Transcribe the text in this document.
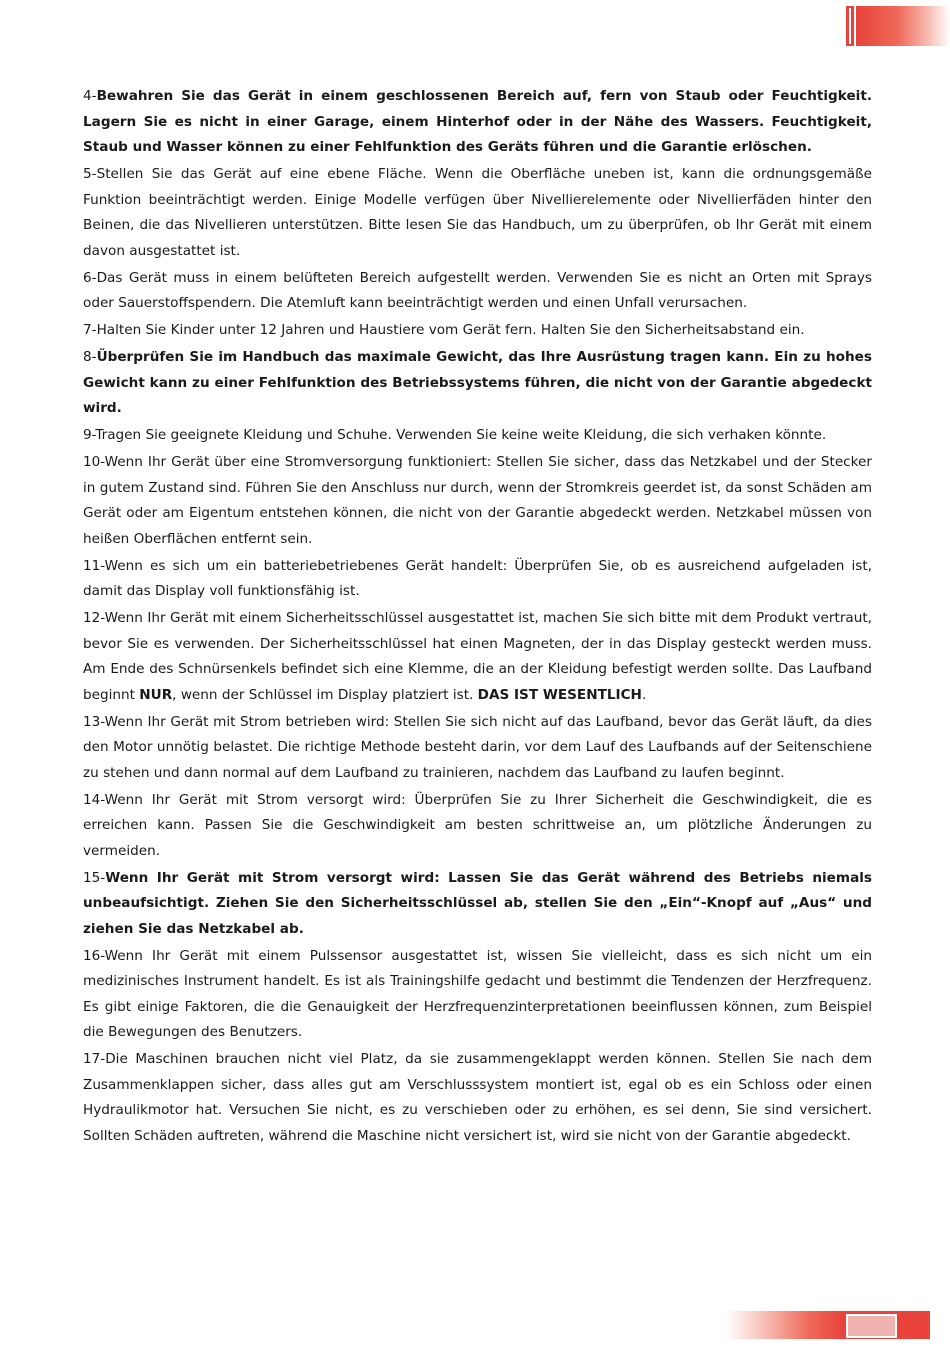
4-Bewahren Sie das Gerät in einem geschlossenen Bereich auf, fern von Staub oder Feuchtigkeit. Lagern Sie es nicht in einer Garage, einem Hinterhof oder in der Nähe des Wassers. Feuchtigkeit, Staub und Wasser können zu einer Fehlfunktion des Geräts führen und die Garantie erlöschen.

5-Stellen Sie das Gerät auf eine ebene Fläche. Wenn die Oberfläche uneben ist, kann die ordnungsgemäße Funktion beeinträchtigt werden. Einige Modelle verfügen über Nivellierelemente oder Nivellierfäden hinter den Beinen, die das Nivellieren unterstützen. Bitte lesen Sie das Handbuch, um zu überprüfen, ob Ihr Gerät mit einem davon ausgestattet ist.

6-Das Gerät muss in einem belüfteten Bereich aufgestellt werden. Verwenden Sie es nicht an Orten mit Sprays oder Sauerstoffspendern. Die Atemluft kann beeinträchtigt werden und einen Unfall verursachen.

7-Halten Sie Kinder unter 12 Jahren und Haustiere vom Gerät fern. Halten Sie den Sicherheitsabstand ein.

8-Überprüfen Sie im Handbuch das maximale Gewicht, das Ihre Ausrüstung tragen kann. Ein zu hohes Gewicht kann zu einer Fehlfunktion des Betriebssystems führen, die nicht von der Garantie abgedeckt wird.

9-Tragen Sie geeignete Kleidung und Schuhe. Verwenden Sie keine weite Kleidung, die sich verhaken könnte.

10-Wenn Ihr Gerät über eine Stromversorgung funktioniert: Stellen Sie sicher, dass das Netzkabel und der Stecker in gutem Zustand sind. Führen Sie den Anschluss nur durch, wenn der Stromkreis geerdet ist, da sonst Schäden am Gerät oder am Eigentum entstehen können, die nicht von der Garantie abgedeckt werden. Netzkabel müssen von heißen Oberflächen entfernt sein.

11-Wenn es sich um ein batteriebetriebenes Gerät handelt: Überprüfen Sie, ob es ausreichend aufgeladen ist, damit das Display voll funktionsfähig ist.

12-Wenn Ihr Gerät mit einem Sicherheitsschlüssel ausgestattet ist, machen Sie sich bitte mit dem Produkt vertraut, bevor Sie es verwenden. Der Sicherheitsschlüssel hat einen Magneten, der in das Display gesteckt werden muss. Am Ende des Schnürsenkels befindet sich eine Klemme, die an der Kleidung befestigt werden sollte. Das Laufband beginnt NUR, wenn der Schlüssel im Display platziert ist. DAS IST WESENTLICH.

13-Wenn Ihr Gerät mit Strom betrieben wird: Stellen Sie sich nicht auf das Laufband, bevor das Gerät läuft, da dies den Motor unnötig belastet. Die richtige Methode besteht darin, vor dem Lauf des Laufbands auf der Seitenschiene zu stehen und dann normal auf dem Laufband zu trainieren, nachdem das Laufband zu laufen beginnt.

14-Wenn Ihr Gerät mit Strom versorgt wird: Überprüfen Sie zu Ihrer Sicherheit die Geschwindigkeit, die es erreichen kann. Passen Sie die Geschwindigkeit am besten schrittweise an, um plötzliche Änderungen zu vermeiden.

15-Wenn Ihr Gerät mit Strom versorgt wird: Lassen Sie das Gerät während des Betriebs niemals unbeaufsichtigt. Ziehen Sie den Sicherheitsschlüssel ab, stellen Sie den „Ein“-Knopf auf „Aus“ und ziehen Sie das Netzkabel ab.

16-Wenn Ihr Gerät mit einem Pulssensor ausgestattet ist, wissen Sie vielleicht, dass es sich nicht um ein medizinisches Instrument handelt. Es ist als Trainingshilfe gedacht und bestimmt die Tendenzen der Herzfrequenz. Es gibt einige Faktoren, die die Genauigkeit der Herzfrequenzinterpretationen beeinflussen können, zum Beispiel die Bewegungen des Benutzers.

17-Die Maschinen brauchen nicht viel Platz, da sie zusammengeklappt werden können. Stellen Sie nach dem Zusammenklappen sicher, dass alles gut am Verschlusssystem montiert ist, egal ob es ein Schloss oder einen Hydraulikmotor hat. Versuchen Sie nicht, es zu verschieben oder zu erhöhen, es sei denn, Sie sind versichert. Sollten Schäden auftreten, während die Maschine nicht versichert ist, wird sie nicht von der Garantie abgedeckt.
